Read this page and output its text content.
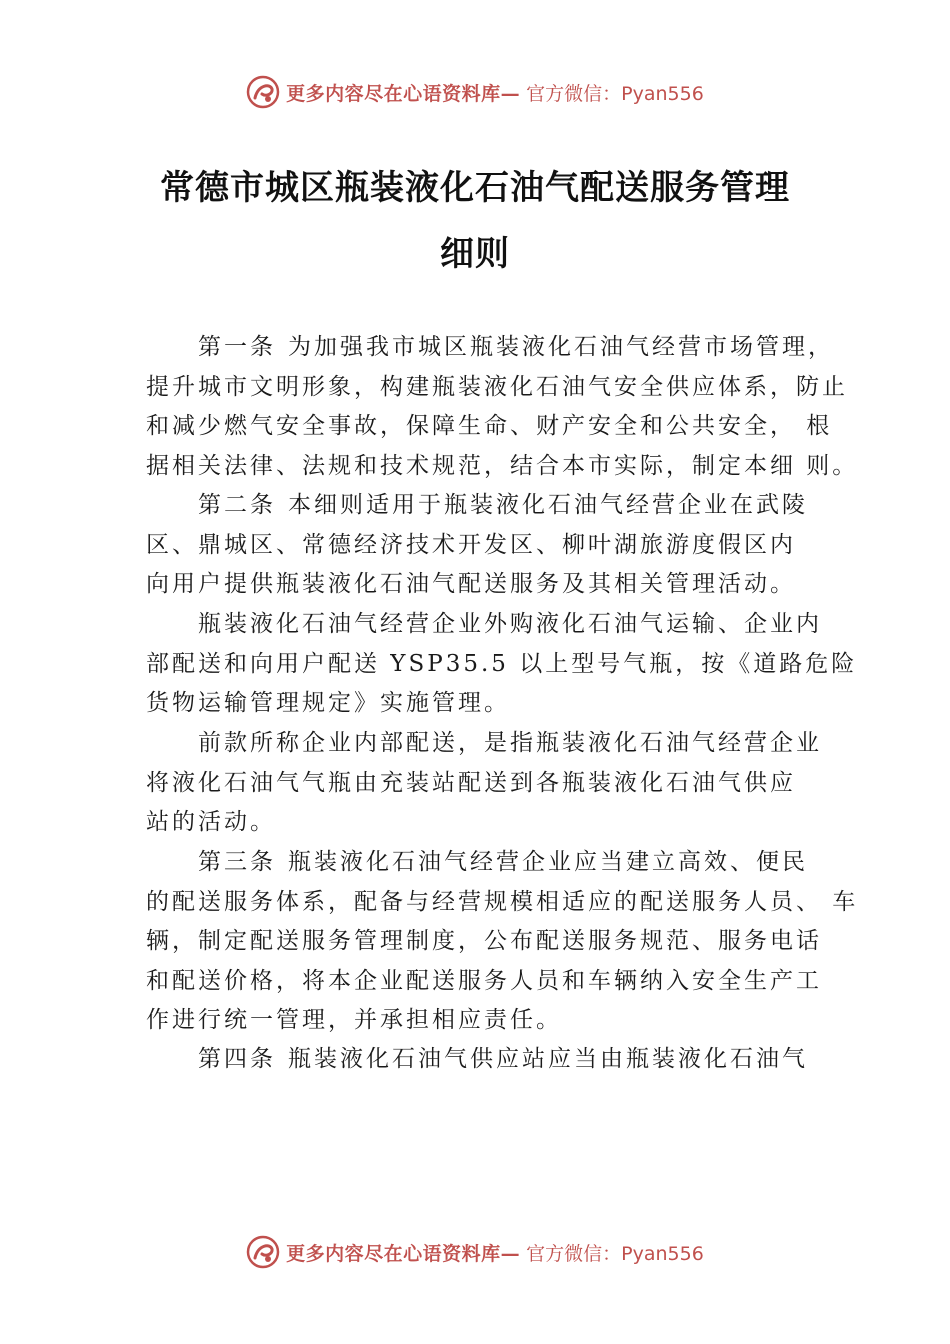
更多内容尽在心语资料库— 官方微信：Pyan556
常德市城区瓶装液化石油气配送服务管理
细则
第一条 为加强我市城区瓶装液化石油气经营市场管理，
提升城市文明形象，构建瓶装液化石油气安全供应体系，防止
和减少燃气安全事故，保障生命、财产安全和公共安全， 根
据相关法律、法规和技术规范，结合本市实际，制定本细 则。
第二条 本细则适用于瓶装液化石油气经营企业在武陵
区、鼎城区、常德经济技术开发区、柳叶湖旅游度假区内
向用户提供瓶装液化石油气配送服务及其相关管理活动。
瓶装液化石油气经营企业外购液化石油气运输、企业内
部配送和向用户配送 YSP35.5 以上型号气瓶，按《道路危险
货物运输管理规定》实施管理。
前款所称企业内部配送，是指瓶装液化石油气经营企业
将液化石油气气瓶由充装站配送到各瓶装液化石油气供应
站的活动。
第三条 瓶装液化石油气经营企业应当建立高效、便民
的配送服务体系，配备与经营规模相适应的配送服务人员、 车
辆，制定配送服务管理制度，公布配送服务规范、服务电话
和配送价格，将本企业配送服务人员和车辆纳入安全生产工
作进行统一管理，并承担相应责任。
第四条 瓶装液化石油气供应站应当由瓶装液化石油气
更多内容尽在心语资料库— 官方微信：Pyan556
